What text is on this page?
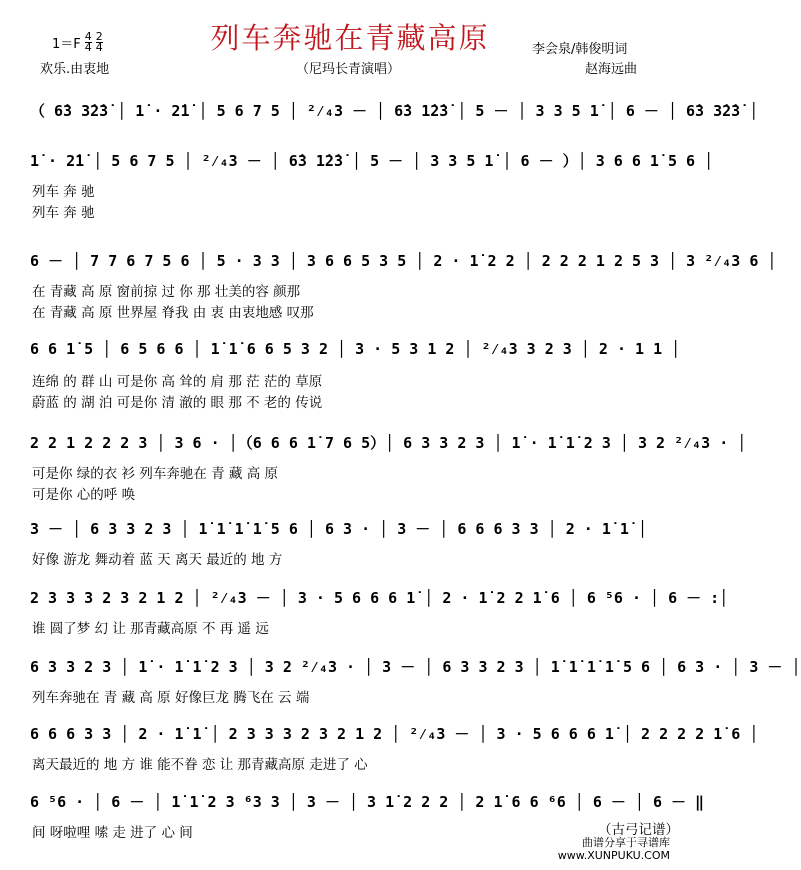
列车奔驰在青藏高原
$1=F \frac{4}{4} \frac{2}{4}$
欢乐.由衷地	（尼玛长青演唱）
李会泉/韩俊明词
赵海远曲
（ 6̇3 3̇2̇3̇ │ 1̇ · 2̇1̇ │ 5 6 7 5 │ ²⁄₄3 － │ 6̇3 1̇2̇3̇ │ 5 － │ 3 3 5 1̇ │ 6 － │ 6̇3 3̇2̇3̇ │
1̇ · 2̇1̇ │ 5 6 7 5 │ ²⁄₄3 － │ 6̇3 1̇2̇3̇ │ 5 － │ 3 3 5 1̇ │ 6 － ）│ 3 6 6 1̇ 5 6 │
列车 奔 驰
列车 奔 驰
6 － │ 7 7 6 7 5 6 │ 5 · 3 3 │ 3 6 6 5 3 5 │ 2 · 1̇ 2 2 │ 2 2 2 1 2 5 3 │ 3 ²⁄₄3 6 │
在 青藏 高 原 窗前掠 过 你 那 壮美的容 颜那
在 青藏 高 原 世界屋 脊我 由 衷 由衷地感 叹那
6 6 1̇ 5 │ 6 5 6 6 │ 1̇ 1̇ 6 6 5 3 2 │ 3 · 5 3 1 2 │ ²⁄₄3 3 2 3 │ 2 · 1 1 │
连绵 的 群 山 可是你 高 耸的 肩 那 茫 茫的 草原
蔚蓝 的 湖 泊 可是你 清 澈的 眼 那 不 老的 传说
2 2 1 2 2 2 3 │ 3 6 · │（6 6 6 1̇ 7 6 5）│ 6 3 3 2 3 │ 1̇ · 1̇ 1̇ 2 3 │ 3 2 ²⁄₄3 · │
可是你 绿的衣 衫 列车奔驰在 青 藏 高 原
可是你 心的呼 唤
3 － │ 6 3 3 2 3 │ 1̇ 1̇ 1̇ 1̇ 5 6 │ 6 3 · │ 3 － │ 6 6 6 3 3 │ 2 · 1̇ 1̇ │
好像 游龙 舞动着 蓝 天 离天 最近的 地 方
2 3 3 3 2 3 2 1 2 │ ²⁄₄3 － │ 3 · 5 6 6 6 1̇ │ 2 · 1̇ 2 2 1̇ 6 │ 6 ⁵6 · │ 6 － :│
谁 圆了梦 幻 让 那青藏高原 不 再 遥 远
6 3 3 2 3 │ 1̇ · 1̇ 1̇ 2 3 │ 3 2 ²⁄₄3 · │ 3 － │ 6 3 3 2 3 │ 1̇ 1̇ 1̇ 1̇ 5 6 │ 6 3 · │ 3 － │
列车奔驰在 青 藏 高 原 好像巨龙 腾飞在 云 端
6 6 6 3 3 │ 2 · 1̇ 1̇ │ 2 3 3 3 2 3 2 1 2 │ ²⁄₄3 － │ 3 · 5 6 6 6 1̇ │ 2 2 2 2 1̇ 6 │
离天最近的 地 方 谁 能不眷 恋 让 那青藏高原 走进了 心
6 ⁵6 · │ 6 － │ 1̇ 1̇ 2 3 ⁶3 3 │ 3 － │ 3 1̇ 2 2 2 │ 2 1̇ 6 6 ⁶6 │ 6 － │ 6 － ‖
间 呀啦哩 嗦 走 进了 心 间	（古弓记谱）
曲谱分享于寻谱库
www.XUNPUKU.COM
